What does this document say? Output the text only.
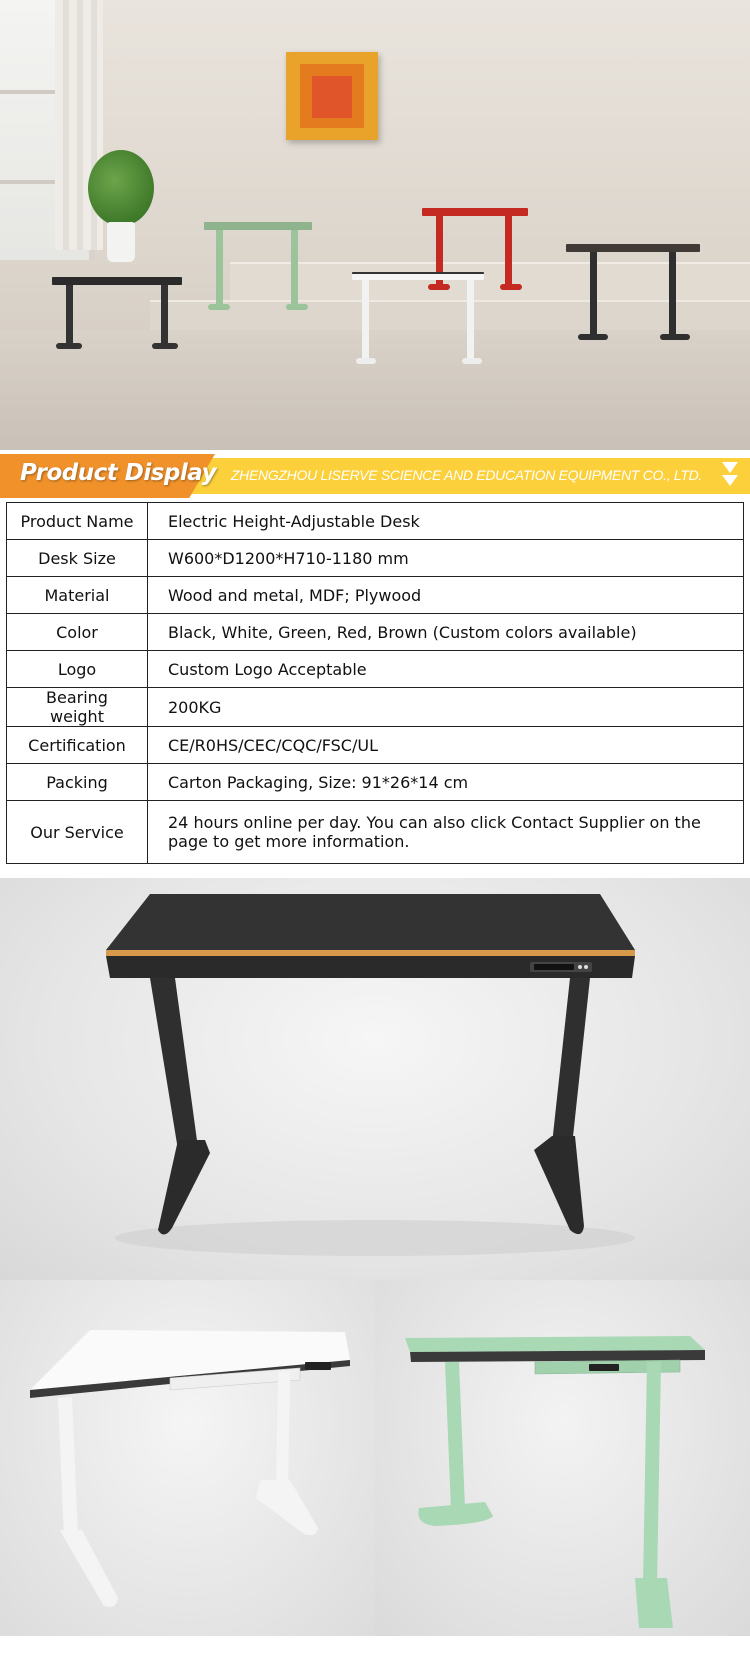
Product Display ZHENGZHOU LISERVE SCIENCE AND EDUCATION EQUIPMENT CO., LTD.
Product Name	Electric Height-Adjustable Desk
Desk Size	W600*D1200*H710-1180 mm
Material	Wood and metal, MDF; Plywood
Color	Black, White, Green, Red, Brown (Custom colors available)
Logo	Custom Logo Acceptable
Bearing weight	200KG
Certification	CE/R0HS/CEC/CQC/FSC/UL
Packing	Carton Packaging, Size: 91*26*14 cm
Our Service	24 hours online per day. You can also click Contact Supplier on the page to get more information.
